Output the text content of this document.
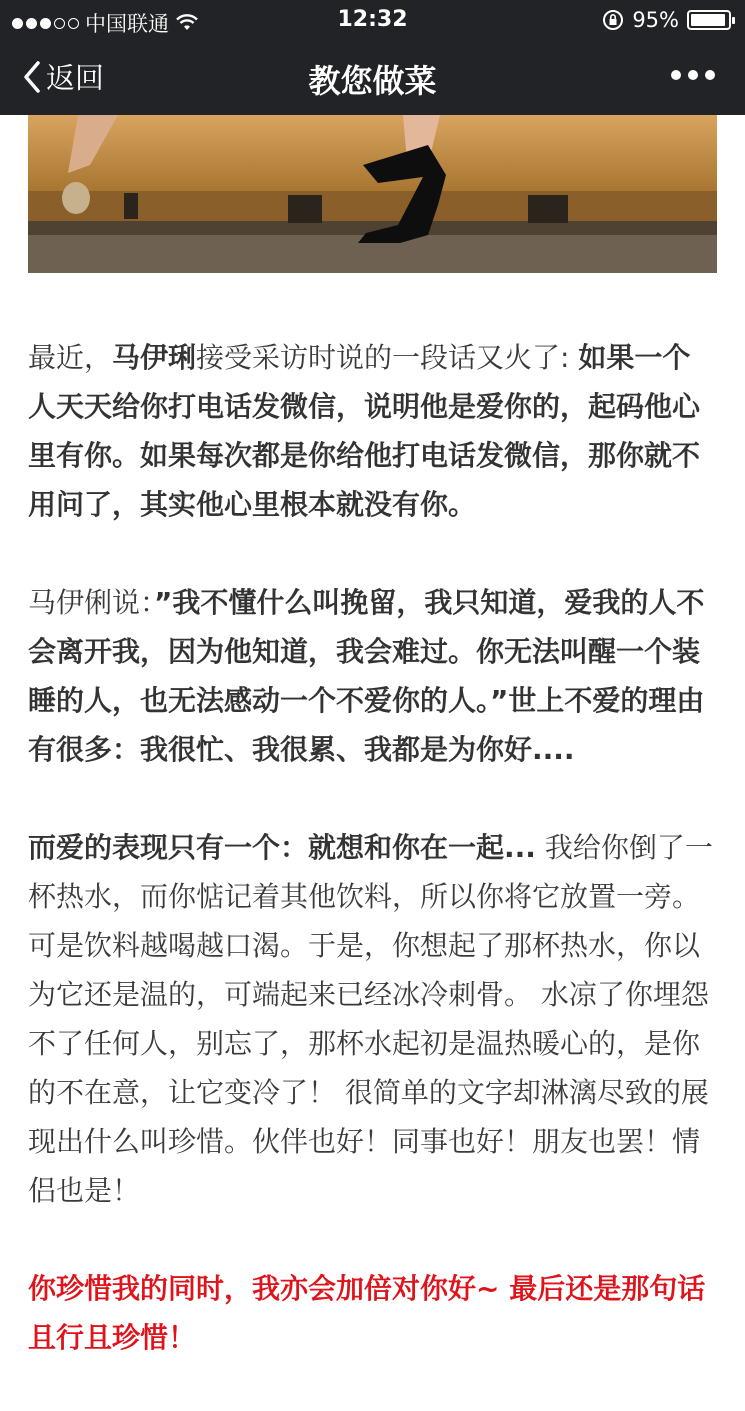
中国联通	12:32	95%
返回	教您做菜

最近，马伊琍接受采访时说的一段话又火了: 如果一个人天天给你打电话发微信，说明他是爱你的，起码他心里有你。如果每次都是你给他打电话发微信，那你就不用问了，其实他心里根本就没有你。

马伊俐说：”我不懂什么叫挽留，我只知道，爱我的人不会离开我，因为他知道，我会难过。你无法叫醒一个装睡的人，也无法感动一个不爱你的人。”世上不爱的理由有很多：我很忙、我很累、我都是为你好....

而爱的表现只有一个：就想和你在一起... 我给你倒了一杯热水，而你惦记着其他饮料，所以你将它放置一旁。可是饮料越喝越口渴。于是，你想起了那杯热水，你以为它还是温的，可端起来已经冰冷刺骨。 水凉了你埋怨不了任何人，别忘了，那杯水起初是温热暖心的，是你的不在意，让它变冷了！ 很简单的文字却淋漓尽致的展现出什么叫珍惜。伙伴也好！同事也好！朋友也罢！情侣也是！

你珍惜我的同时，我亦会加倍对你好~ 最后还是那句话 且行且珍惜！
